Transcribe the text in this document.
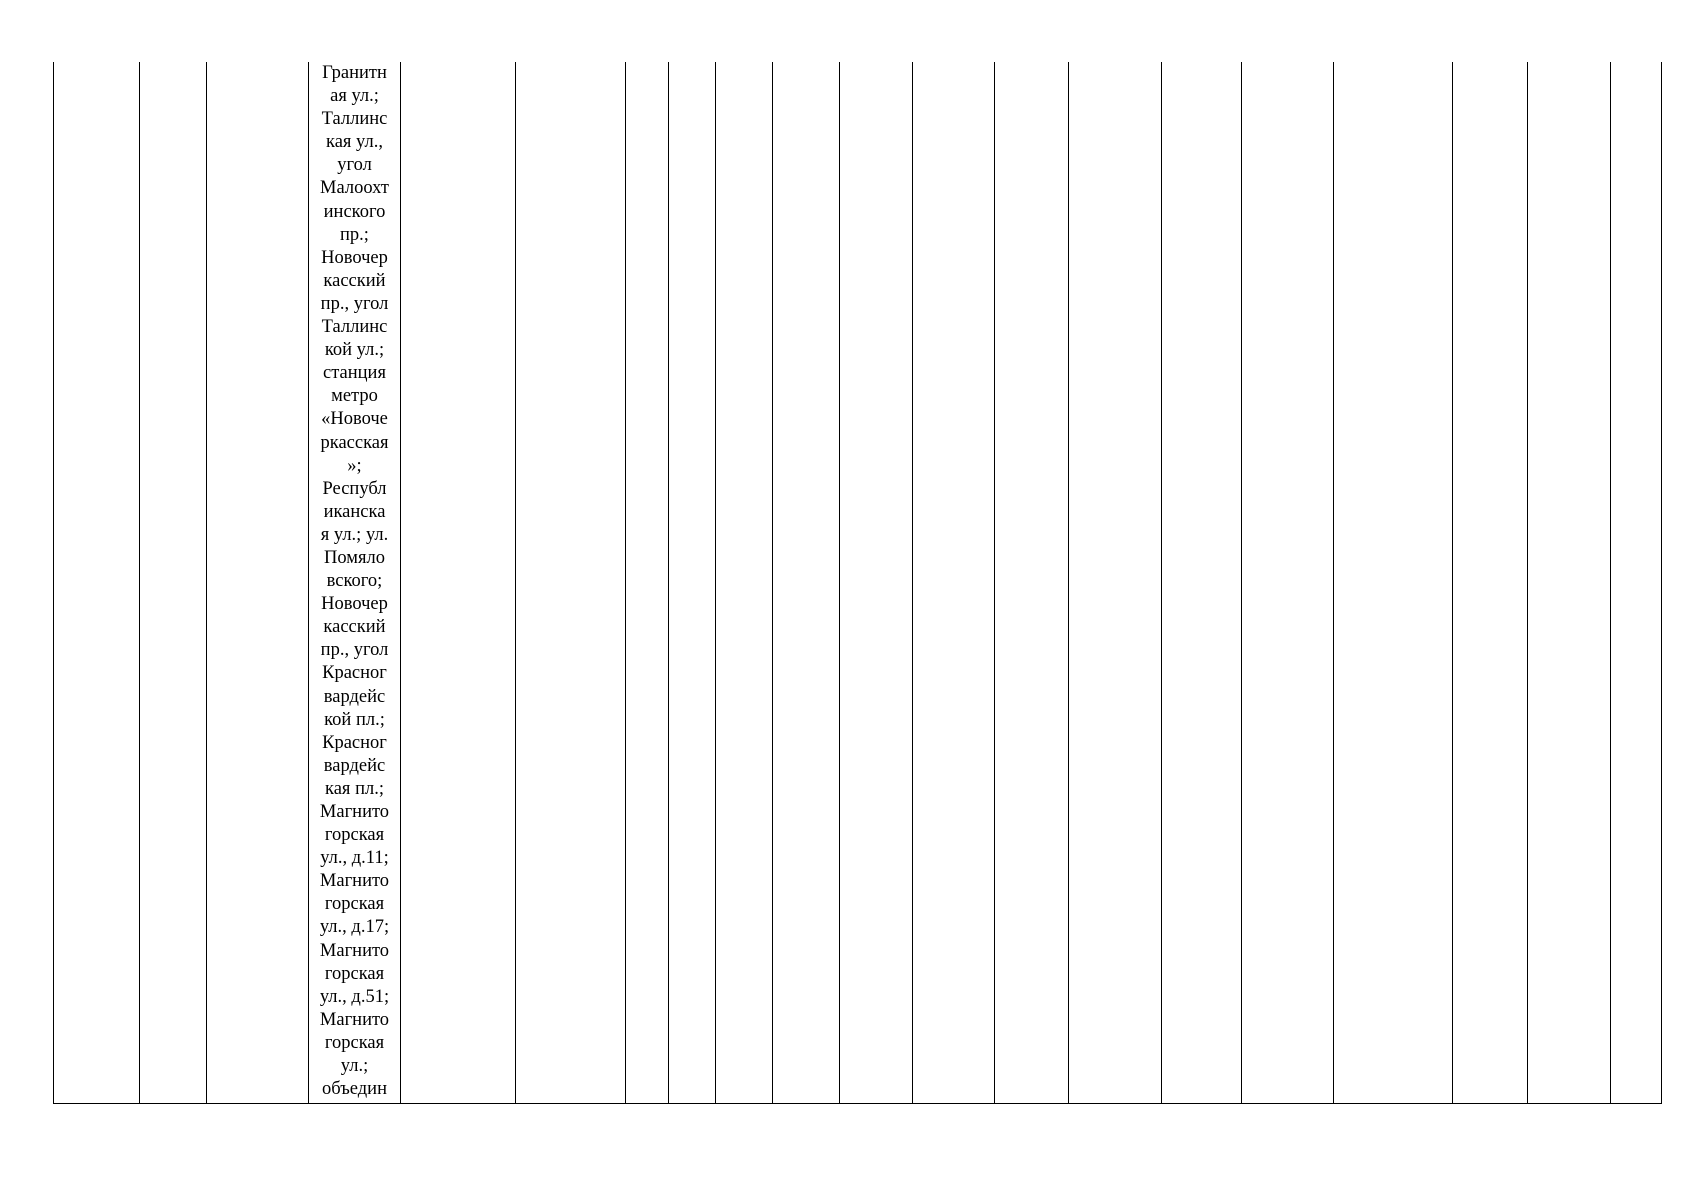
Гранитн
ая ул.;
Таллинс
кая ул.,
угол
Малоохт
инского
пр.;
Новочер
касский
пр., угол
Таллинс
кой ул.;
станция
метро
«Новоче
ркасская
»;
Республ
иканска
я ул.; ул.
Помяло
вского;
Новочер
касский
пр., угол
Красног
вардейс
кой пл.;
Красног
вардейс
кая пл.;
Магнито
горская
ул., д.11;
Магнито
горская
ул., д.17;
Магнито
горская
ул., д.51;
Магнито
горская
ул.;
объедин
